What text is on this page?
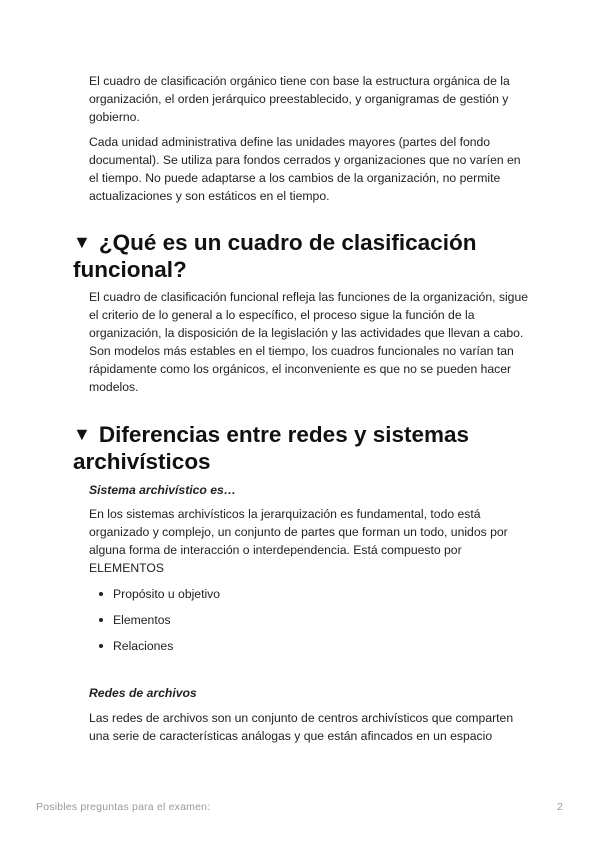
El cuadro de clasificación orgánico tiene con base la estructura orgánica de la organización, el orden jerárquico preestablecido, y organigramas de gestión y gobierno.

Cada unidad administrativa define las unidades mayores (partes del fondo documental). Se utiliza para fondos cerrados y organizaciones que no varíen en el tiempo. No puede adaptarse a los cambios de la organización, no permite actualizaciones y son estáticos en el tiempo.

▼ ¿Qué es un cuadro de clasificación funcional?

El cuadro de clasificación funcional refleja las funciones de la organización, sigue el criterio de lo general a lo específico, el proceso sigue la función de la organización, la disposición de la legislación y las actividades que llevan a cabo. Son modelos más estables en el tiempo, los cuadros funcionales no varían tan rápidamente como los orgánicos, el inconveniente es que no se pueden hacer modelos.

▼ Diferencias entre redes y sistemas archivísticos

Sistema archivístico es…

En los sistemas archivísticos la jerarquización es fundamental, todo está organizado y complejo, un conjunto de partes que forman un todo, unidos por alguna forma de interacción o interdependencia. Está compuesto por ELEMENTOS

Propósito u objetivo
Elementos
Relaciones

Redes de archivos

Las redes de archivos son un conjunto de centros archivísticos que comparten una serie de características análogas y que están afincados en un espacio

Posibles preguntas para el examen:	2
